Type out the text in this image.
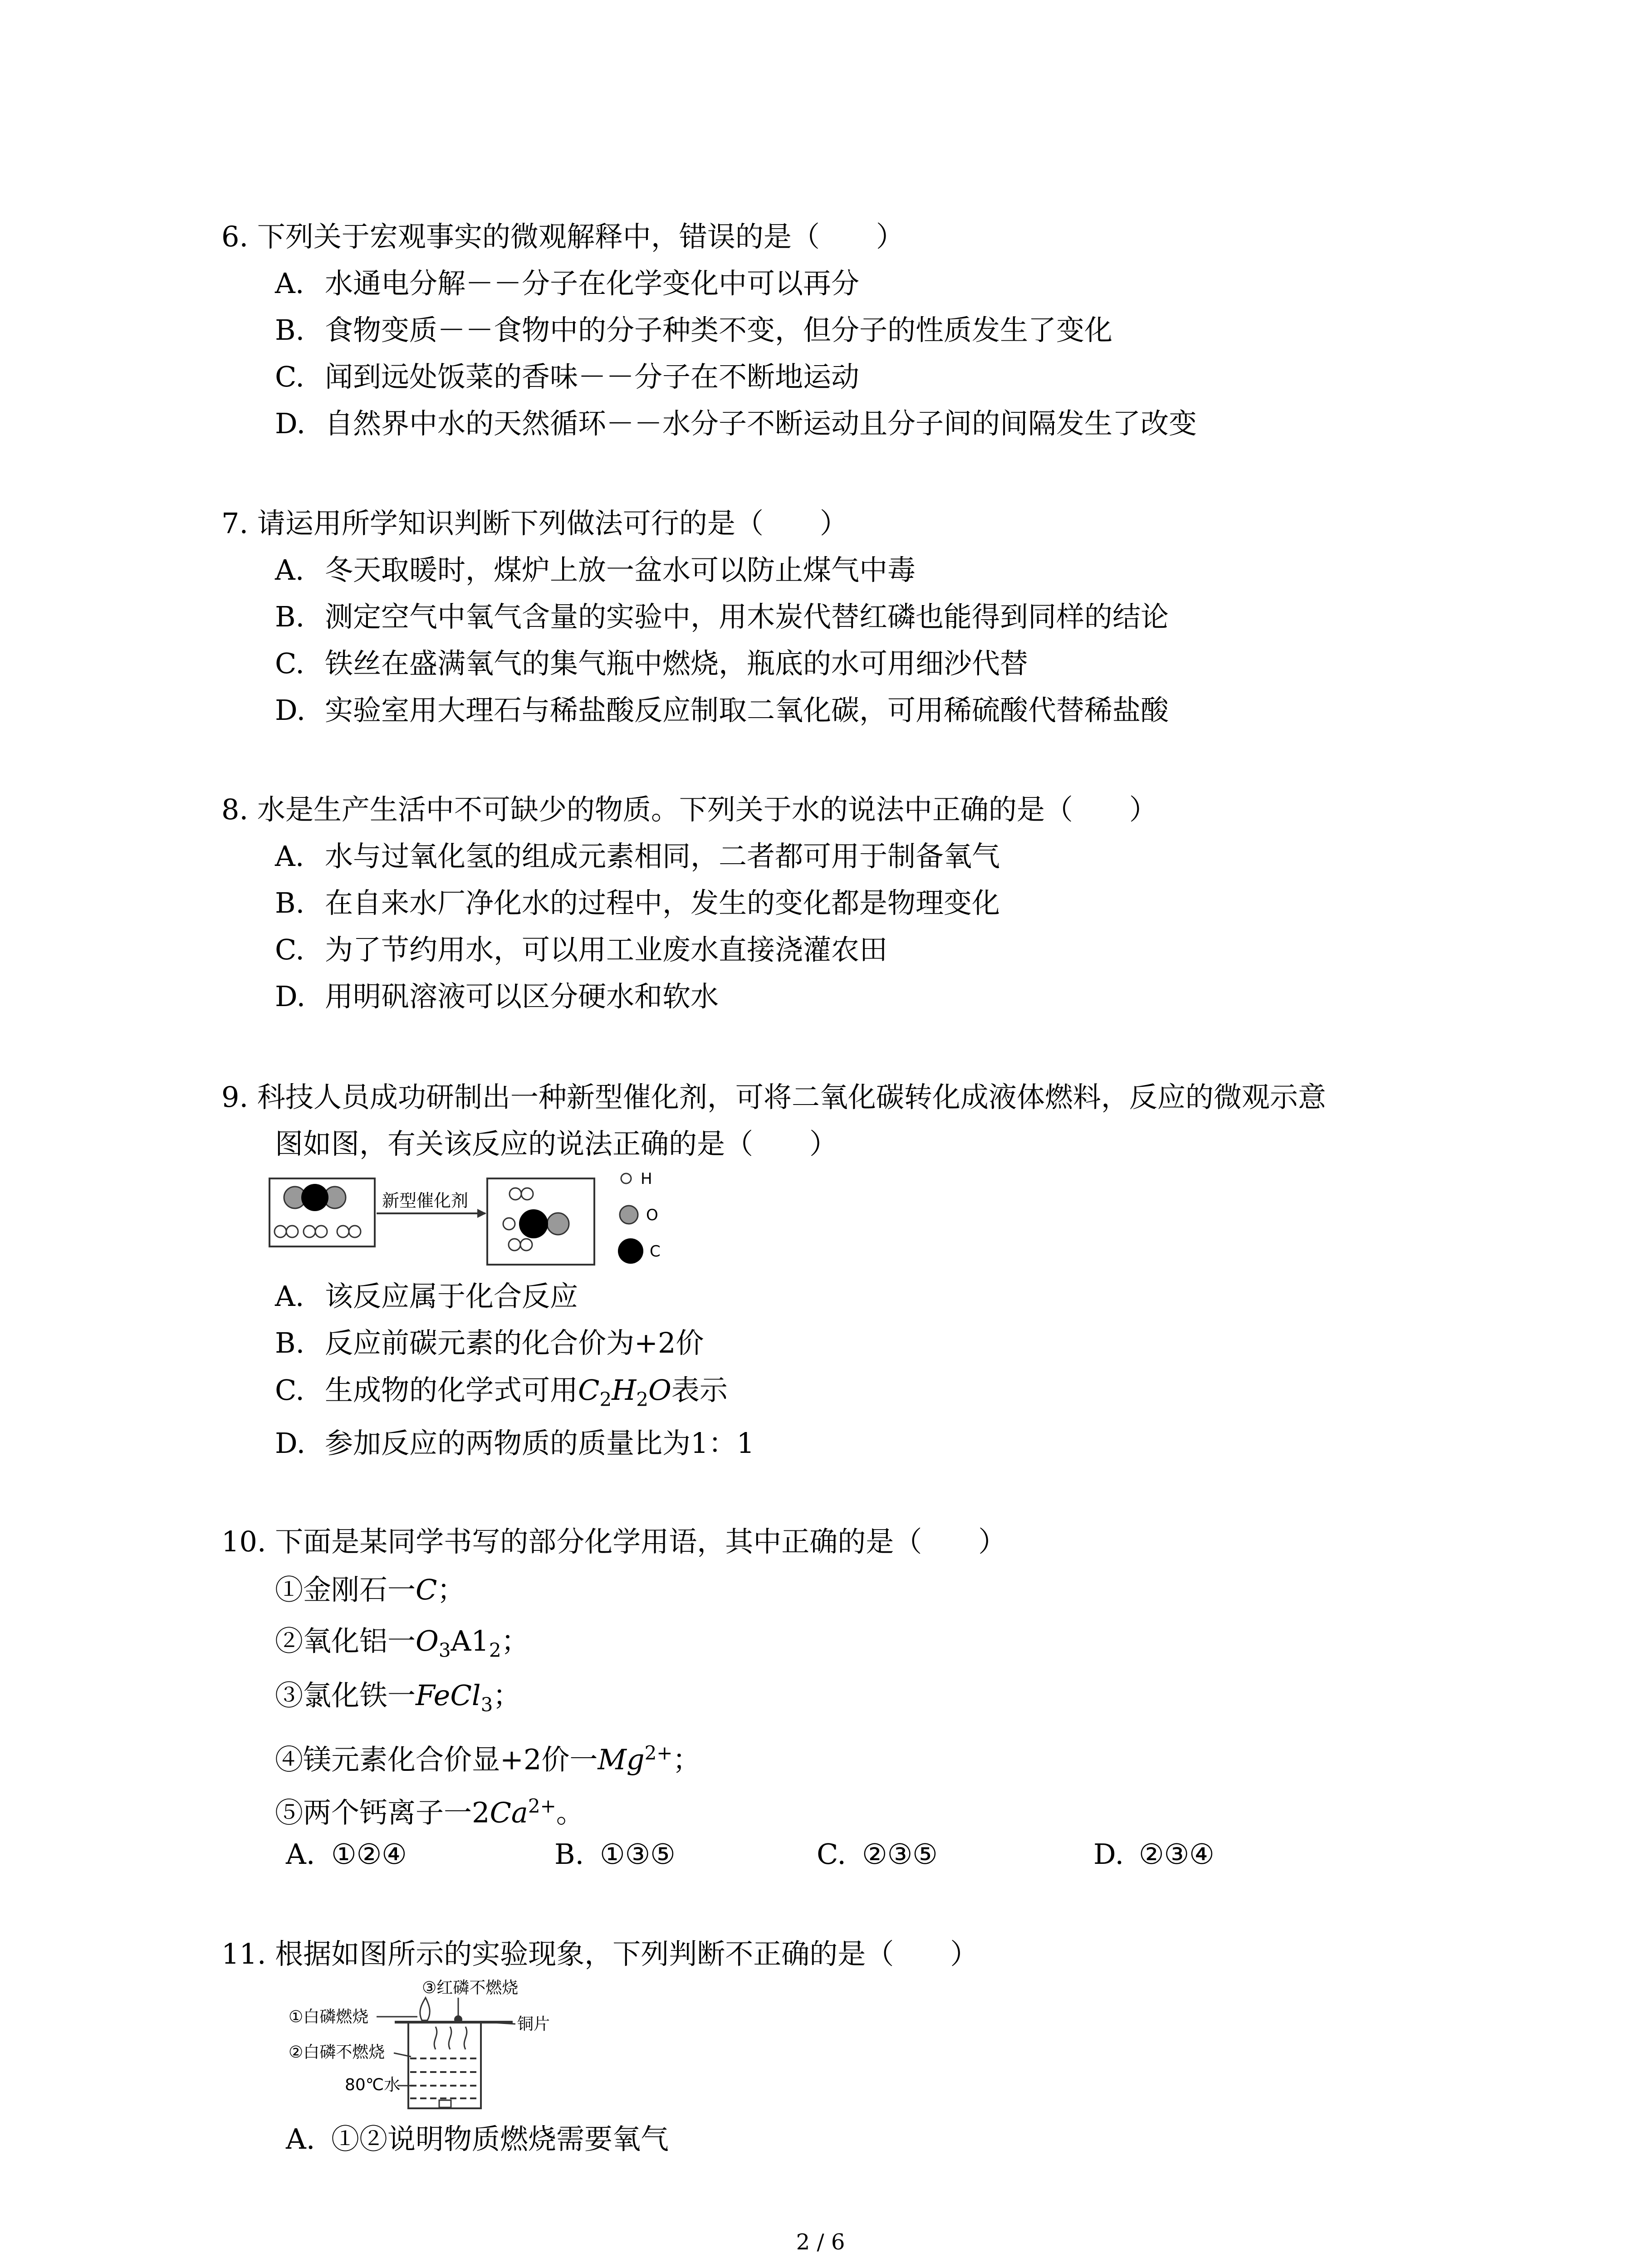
6. 下列关于宏观事实的微观解释中，错误的是（　　）
A. 水通电分解－－分子在化学变化中可以再分
B. 食物变质－－食物中的分子种类不变，但分子的性质发生了变化
C. 闻到远处饭菜的香味－－分子在不断地运动
D. 自然界中水的天然循环－－水分子不断运动且分子间的间隔发生了改变
7. 请运用所学知识判断下列做法可行的是（　　）
A. 冬天取暖时，煤炉上放一盆水可以防止煤气中毒
B. 测定空气中氧气含量的实验中，用木炭代替红磷也能得到同样的结论
C. 铁丝在盛满氧气的集气瓶中燃烧，瓶底的水可用细沙代替
D. 实验室用大理石与稀盐酸反应制取二氧化碳，可用稀硫酸代替稀盐酸
8. 水是生产生活中不可缺少的物质。下列关于水的说法中正确的是（　　）
A. 水与过氧化氢的组成元素相同，二者都可用于制备氧气
B. 在自来水厂净化水的过程中，发生的变化都是物理变化
C. 为了节约用水，可以用工业废水直接浇灌农田
D. 用明矾溶液可以区分硬水和软水
9. 科技人员成功研制出一种新型催化剂，可将二氧化碳转化成液体燃料，反应的微观示意
图如图，有关该反应的说法正确的是（　　）
新型催化剂
H
O
C
A. 该反应属于化合反应
B. 反应前碳元素的化合价为+2价
C. 生成物的化学式可用$C_2H_2O$表示
D. 参加反应的两物质的质量比为1：1
10. 下面是某同学书写的部分化学用语，其中正确的是（　　）
①金刚石一C；
②氧化铝一$O_3A1_2$；
③氯化铁一FeCl$_3$；
④镁元素化合价显+2价一$Mg^{2+}$；
⑤两个钙离子一$2Ca^{2+}$。
A. ①②④	B. ①③⑤	C. ②③⑤	D. ②③④
11. 根据如图所示的实验现象，下列判断不正确的是（　　）
③红磷不燃烧
①白磷燃烧	铜片
②白磷不燃烧
80℃水
A. ①②说明物质燃烧需要氧气
2 / 6
